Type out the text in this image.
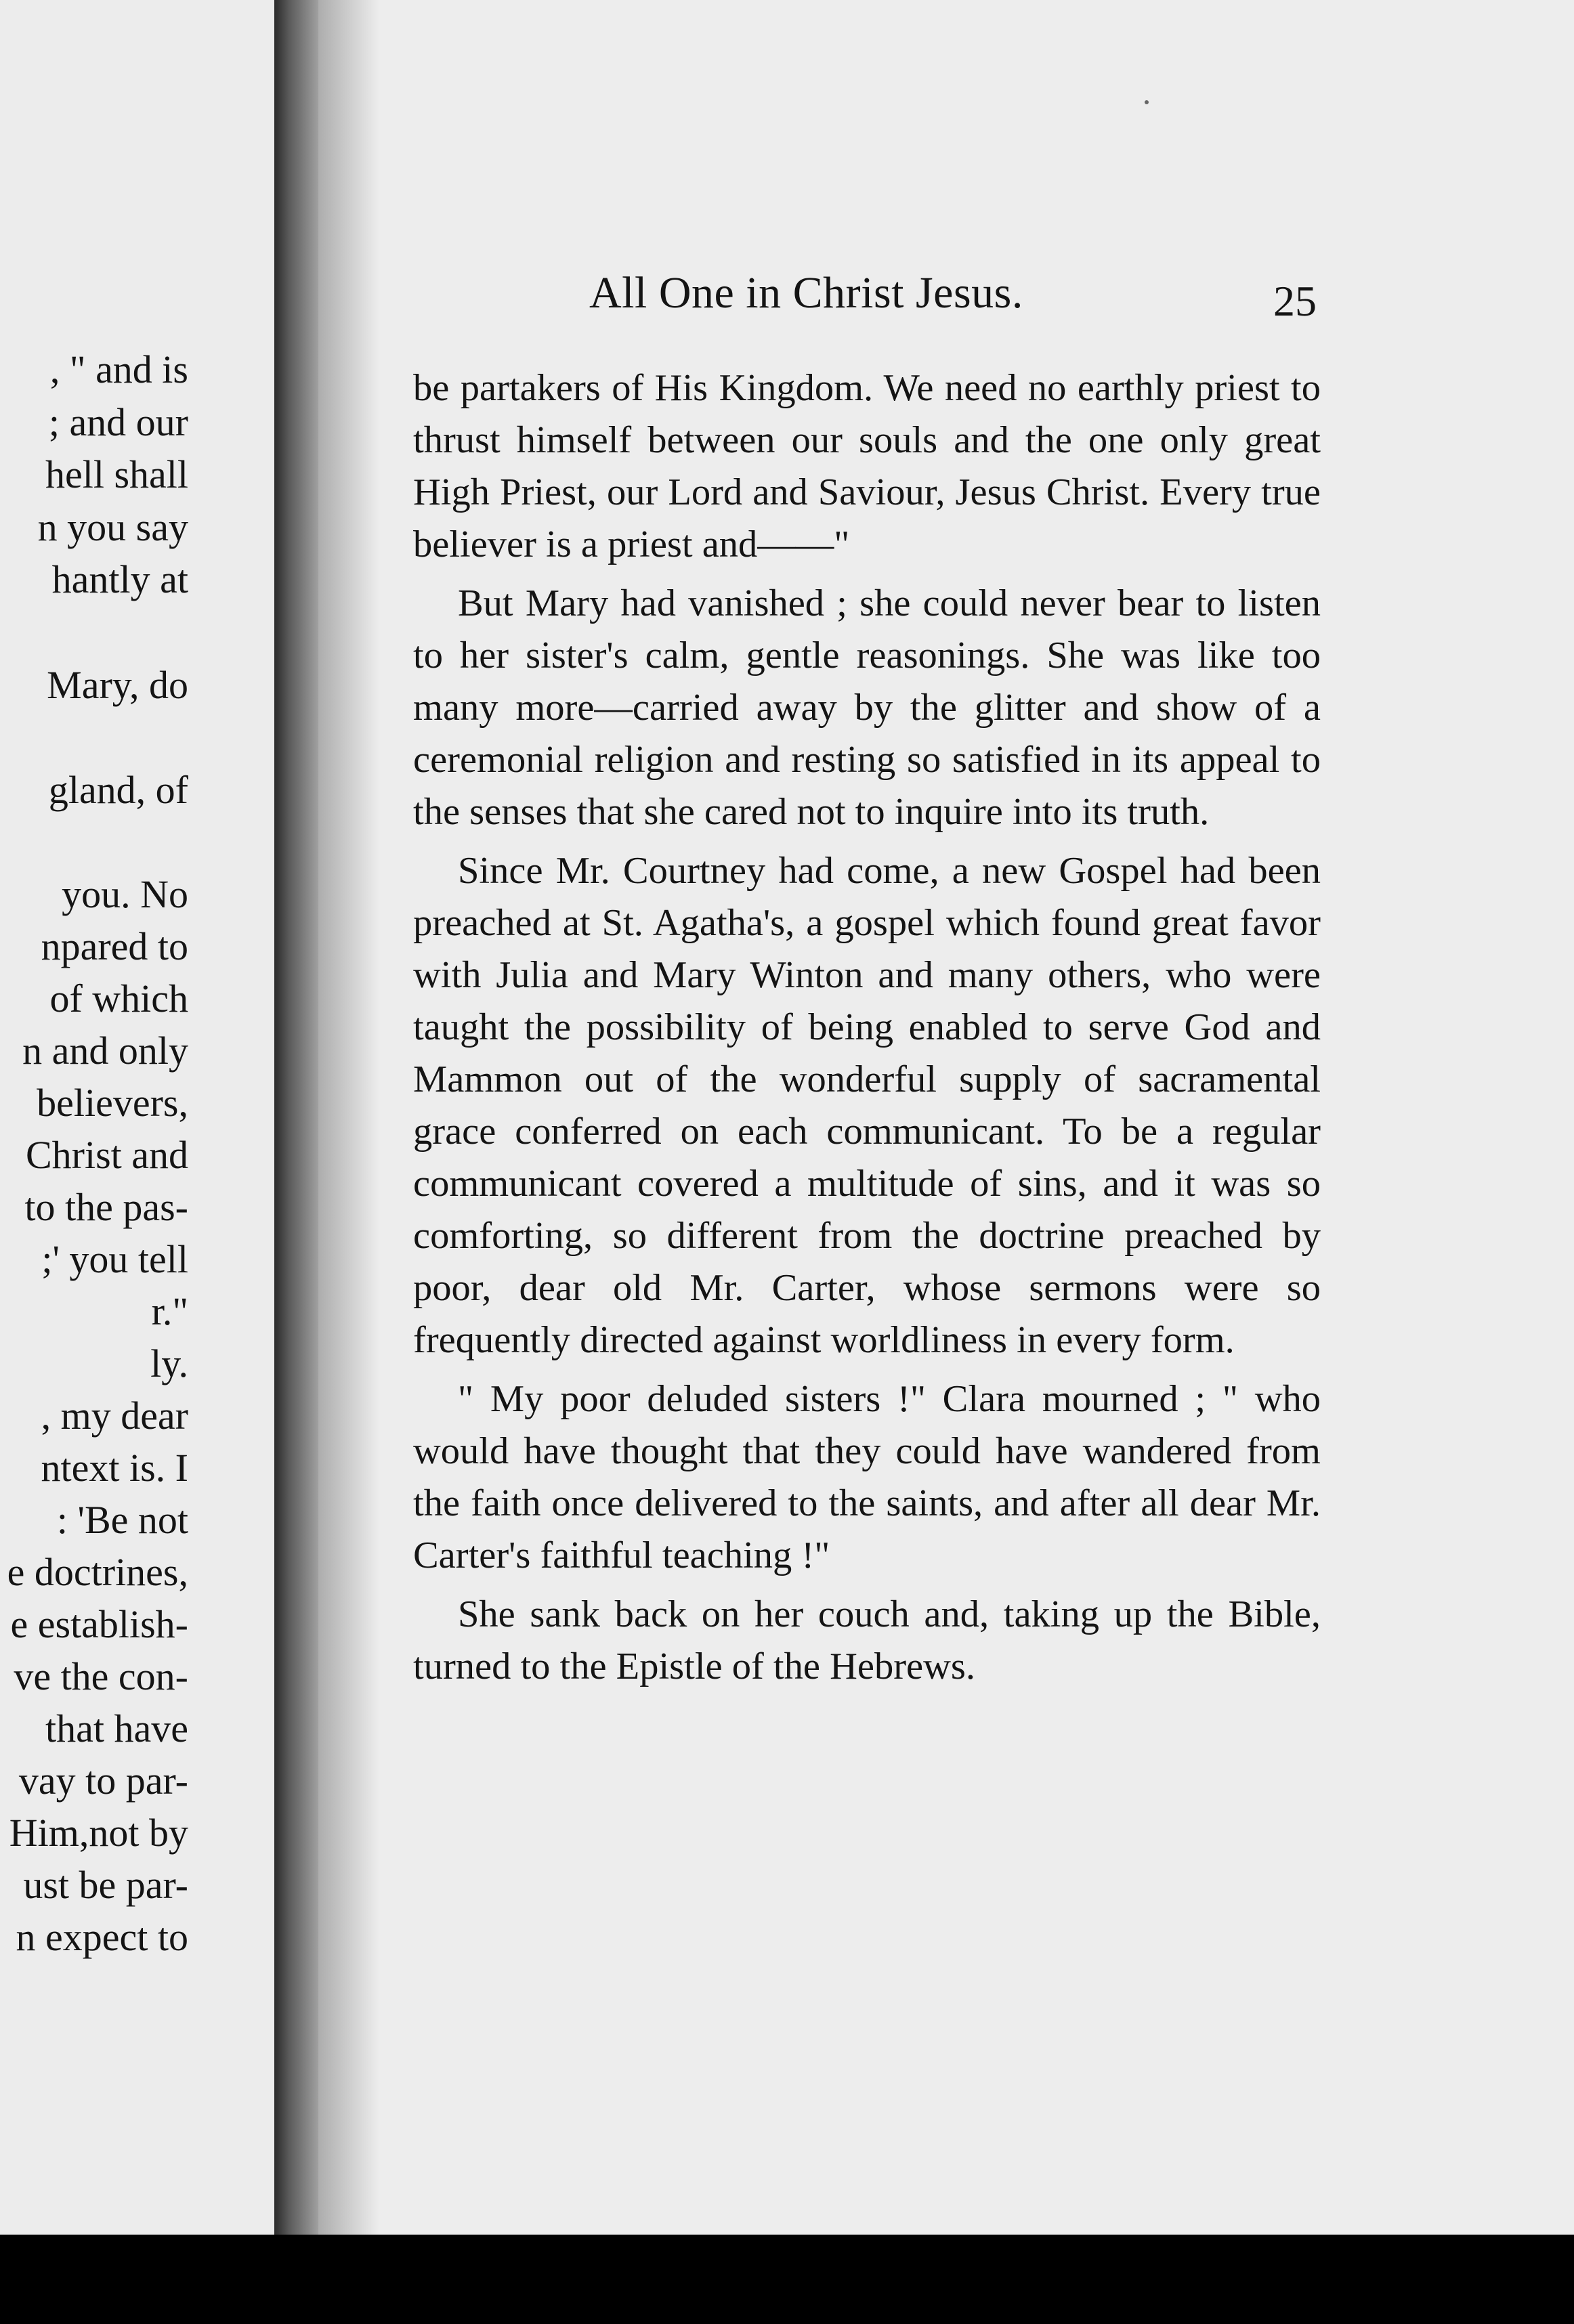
, " and is

; and our

hell shall

n you say

hantly at

Mary, do

gland, of

you. No

npared to

of which

n and only

believers,

Christ and

to the pas-

;' you tell

r."

ly.

, my dear

ntext is. I

: 'Be not

e doctrines,

e establish-

ve the con-

that have

vay to par-

Him,not by

ust be par-

n expect to

All One in Christ Jesus.	25

be partakers of His Kingdom. We need no earthly priest to thrust himself between our souls and the one only great High Priest, our Lord and Saviour, Jesus Christ. Every true believer is a priest and——"

But Mary had vanished ; she could never bear to listen to her sister's calm, gentle reasonings. She was like too many more—carried away by the glitter and show of a ceremonial religion and resting so satisfied in its appeal to the senses that she cared not to inquire into its truth.

Since Mr. Courtney had come, a new Gospel had been preached at St. Agatha's, a gospel which found great favor with Julia and Mary Winton and many others, who were taught the possibility of being enabled to serve God and Mammon out of the wonderful supply of sacramental grace conferred on each communicant. To be a regular communicant covered a multitude of sins, and it was so comforting, so different from the doctrine preached by poor, dear old Mr. Carter, whose sermons were so frequently directed against worldliness in every form.

" My poor deluded sisters !" Clara mourned ; " who would have thought that they could have wandered from the faith once delivered to the saints, and after all dear Mr. Carter's faithful teaching !"

She sank back on her couch and, taking up the Bible, turned to the Epistle of the Hebrews.
